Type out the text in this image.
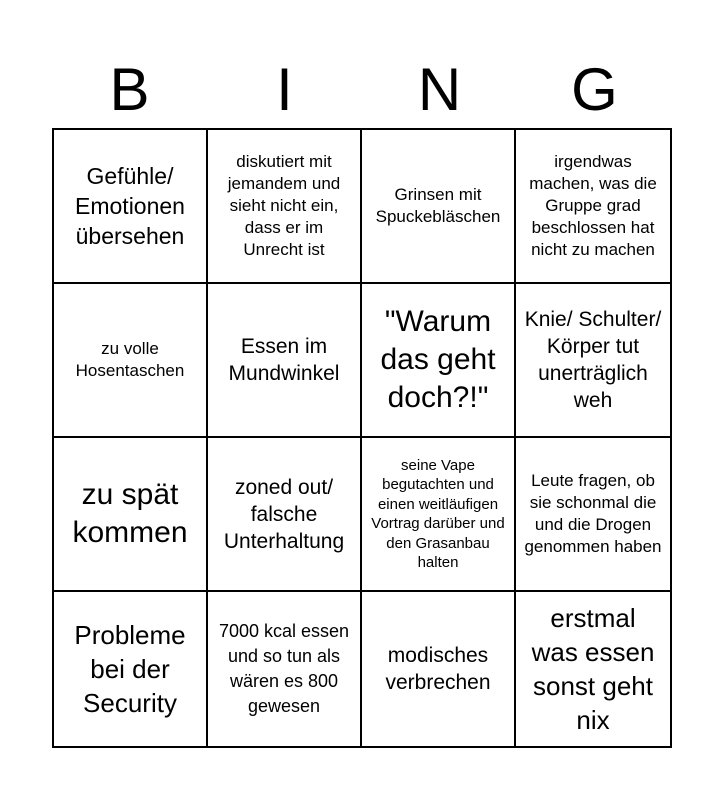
B	I	N	G
Gefühle/ Emotionen übersehen
diskutiert mit jemandem und sieht nicht ein, dass er im Unrecht ist
Grinsen mit Spuckebläschen
irgendwas machen, was die Gruppe grad beschlossen hat nicht zu machen
zu volle Hosentaschen
Essen im Mundwinkel
"Warum das geht doch?!"
Knie/ Schulter/ Körper tut unerträglich weh
zu spät kommen
zoned out/ falsche Unterhaltung
seine Vape begutachten und einen weitläufigen Vortrag darüber und den Grasanbau halten
Leute fragen, ob sie schonmal die und die Drogen genommen haben
Probleme bei der Security
7000 kcal essen und so tun als wären es 800 gewesen
modisches verbrechen
erstmal was essen sonst geht nix
